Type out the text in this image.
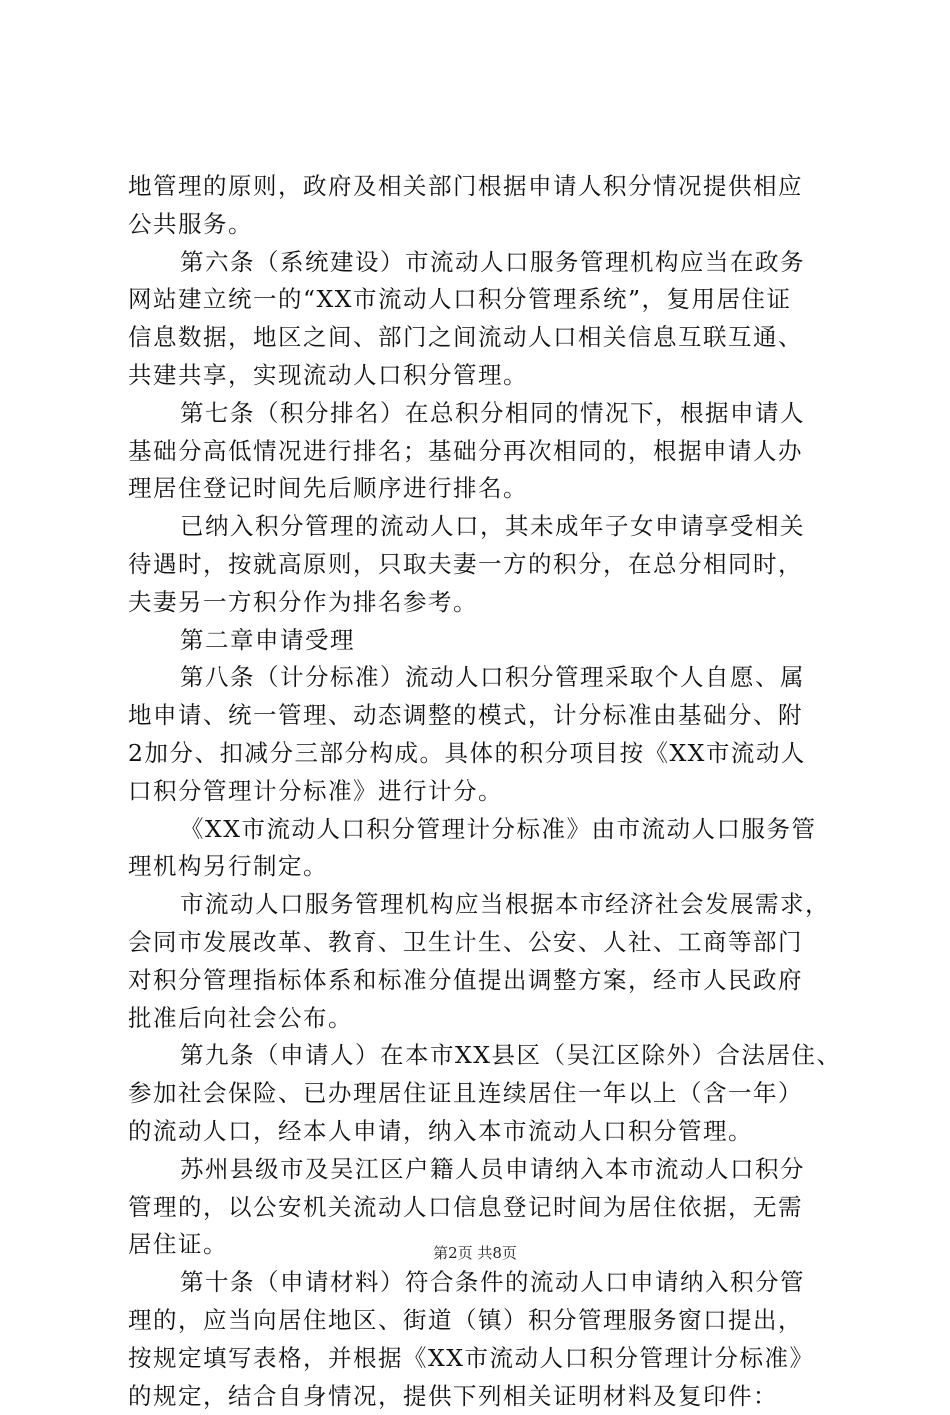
地管理的原则，政府及相关部门根据申请人积分情况提供相应
公共服务。
第六条（系统建设）市流动人口服务管理机构应当在政务
网站建立统一的“XX市流动人口积分管理系统”，复用居住证
信息数据，地区之间、部门之间流动人口相关信息互联互通、
共建共享，实现流动人口积分管理。
第七条（积分排名）在总积分相同的情况下，根据申请人
基础分高低情况进行排名；基础分再次相同的，根据申请人办
理居住登记时间先后顺序进行排名。
已纳入积分管理的流动人口，其未成年子女申请享受相关
待遇时，按就高原则，只取夫妻一方的积分，在总分相同时，
夫妻另一方积分作为排名参考。
第二章申请受理
第八条（计分标准）流动人口积分管理采取个人自愿、属
地申请、统一管理、动态调整的模式，计分标准由基础分、附
2加分、扣减分三部分构成。具体的积分项目按《XX市流动人
口积分管理计分标准》进行计分。
《XX市流动人口积分管理计分标准》由市流动人口服务管
理机构另行制定。
市流动人口服务管理机构应当根据本市经济社会发展需求，
会同市发展改革、教育、卫生计生、公安、人社、工商等部门
对积分管理指标体系和标准分值提出调整方案，经市人民政府
批准后向社会公布。
第九条（申请人）在本市XX县区（吴江区除外）合法居住、
参加社会保险、已办理居住证且连续居住一年以上（含一年）
的流动人口，经本人申请，纳入本市流动人口积分管理。
苏州县级市及吴江区户籍人员申请纳入本市流动人口积分
管理的，以公安机关流动人口信息登记时间为居住依据，无需
居住证。
第十条（申请材料）符合条件的流动人口申请纳入积分管
理的，应当向居住地区、街道（镇）积分管理服务窗口提出，
按规定填写表格，并根据《XX市流动人口积分管理计分标准》
的规定，结合自身情况，提供下列相关证明材料及复印件：
第2页 共8页
